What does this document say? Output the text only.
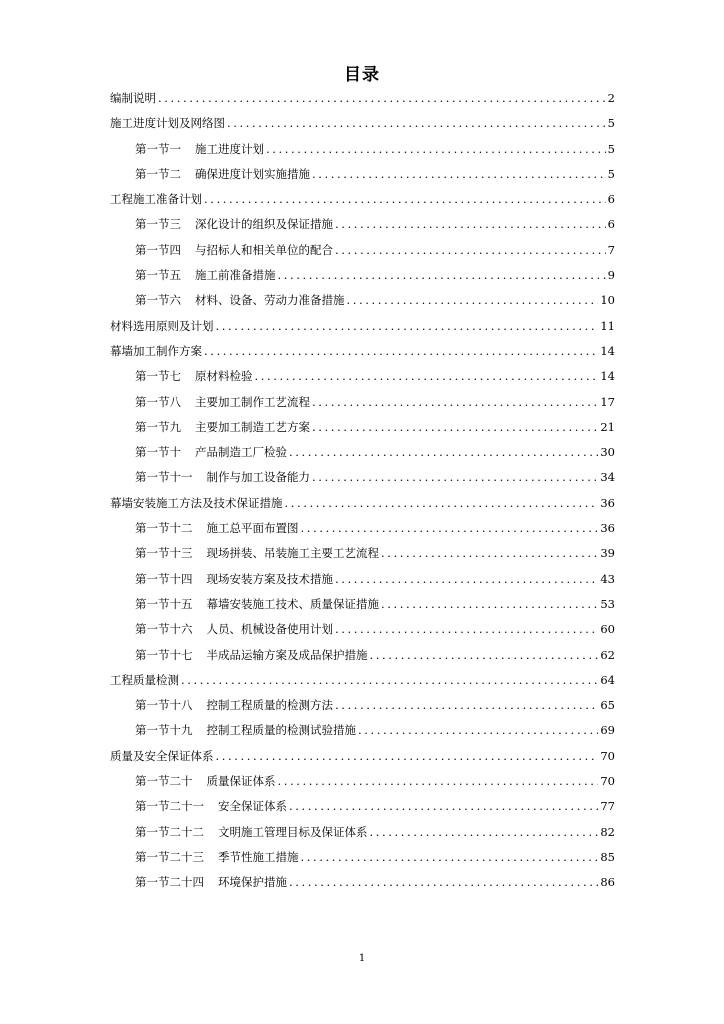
目录
编制说明 .....	2
施工进度计划及网络图 .....	5
第一节一 施工进度计划 .....	5
第一节二 确保进度计划实施措施 .....	5
工程施工准备计划 .....	6
第一节三 深化设计的组织及保证措施 .....	6
第一节四 与招标人和相关单位的配合 .....	7
第一节五 施工前准备措施 .....	9
第一节六 材料、设备、劳动力准备措施 .....	10
材料选用原则及计划 .....	11
幕墙加工制作方案 .....	14
第一节七 原材料检验 .....	14
第一节八 主要加工制作工艺流程 .....	17
第一节九 主要加工制造工艺方案 .....	21
第一节十 产品制造工厂检验 .....	30
第一节十一 制作与加工设备能力 .....	34
幕墙安装施工方法及技术保证措施 .....	36
第一节十二 施工总平面布置图 .....	36
第一节十三 现场拼装、吊装施工主要工艺流程 .....	39
第一节十四 现场安装方案及技术措施 .....	43
第一节十五 幕墙安装施工技术、质量保证措施 .....	53
第一节十六 人员、机械设备使用计划 .....	60
第一节十七 半成品运输方案及成品保护措施 .....	62
工程质量检测 .....	64
第一节十八 控制工程质量的检测方法 .....	65
第一节十九 控制工程质量的检测试验措施 .....	69
质量及安全保证体系 .....	70
第一节二十 质量保证体系 .....	70
第一节二十一 安全保证体系 .....	77
第一节二十二 文明施工管理目标及保证体系 .....	82
第一节二十三 季节性施工措施 .....	85
第一节二十四 环境保护措施 .....	86
1
